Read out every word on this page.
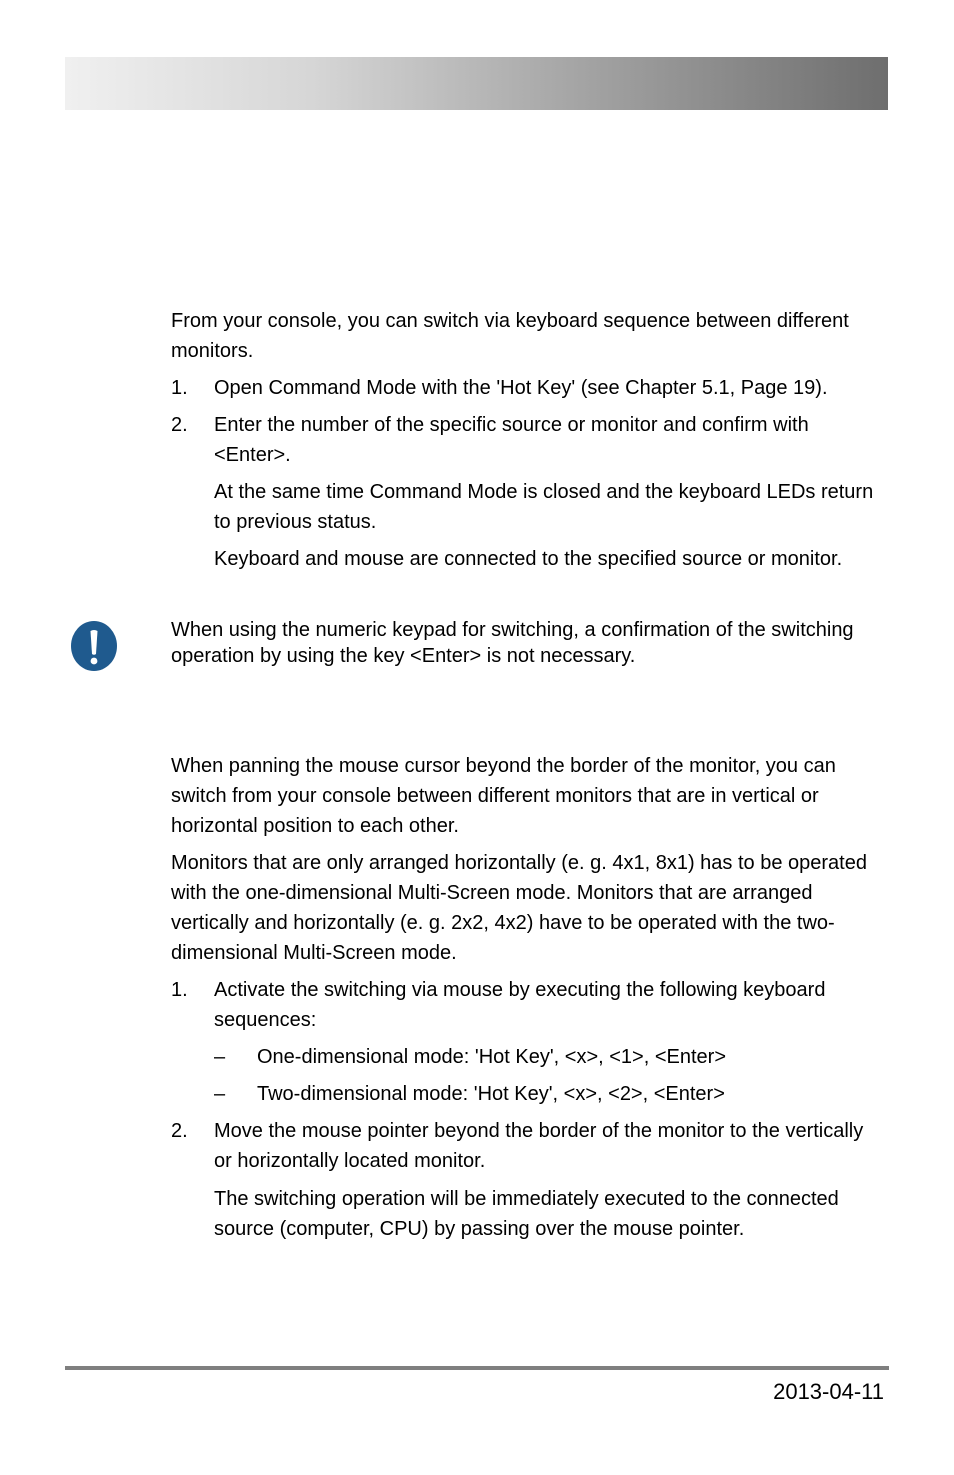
From your console, you can switch via keyboard sequence between different monitors.

1.	Open Command Mode with the 'Hot Key' (see Chapter 5.1, Page 19).

2.	Enter the number of the specific source or monitor and confirm with <Enter>.

At the same time Command Mode is closed and the keyboard LEDs return to previous status.

Keyboard and mouse are connected to the specified source or monitor.

When using the numeric keypad for switching, a confirmation of the switching operation by using the key <Enter> is not necessary.

When panning the mouse cursor beyond the border of the monitor, you can switch from your console between different monitors that are in vertical or horizontal position to each other.

Monitors that are only arranged horizontally (e. g. 4x1, 8x1) has to be operated with the one-dimensional Multi-Screen mode. Monitors that are arranged vertically and horizontally (e. g. 2x2, 4x2) have to be operated with the two-dimensional Multi-Screen mode.

1.	Activate the switching via mouse by executing the following keyboard sequences:

–	One-dimensional mode: 'Hot Key', <x>, <1>, <Enter>

–	Two-dimensional mode: 'Hot Key', <x>, <2>, <Enter>

2.	Move the mouse pointer beyond the border of the monitor to the vertically or horizontally located monitor.

The switching operation will be immediately executed to the connected source (computer, CPU) by passing over the mouse pointer.

2013-04-11
